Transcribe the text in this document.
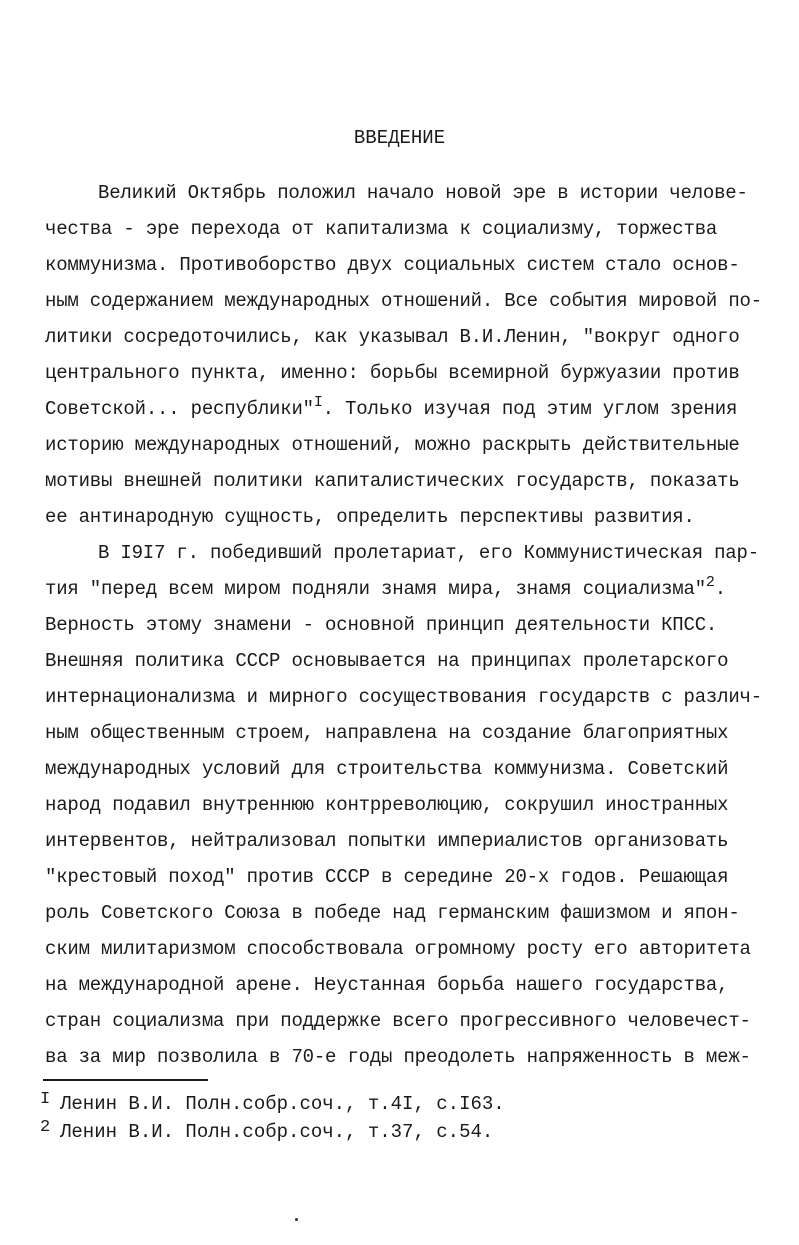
ВВЕДЕНИЕ
Великий Октябрь положил начало новой эре в истории челове-
чества - эре перехода от капитализма к социализму, торжества
коммунизма. Противоборство двух социальных систем стало основ-
ным содержанием международных отношений. Все события мировой по-
литики сосредоточились, как указывал В.И.Ленин, "вокруг одного
центрального пункта, именно: борьбы всемирной буржуазии против
Советской... республики"$^I$. Только изучая под этим углом зрения
историю международных отношений, можно раскрыть действительные
мотивы внешней политики капиталистических государств, показать
ее антинародную сущность, определить перспективы развития.
В I9I7 г. победивший пролетариат, его Коммунистическая пар-
тия "перед всем миром подняли знамя мира, знамя социализма"$^2$.
Верность этому знамени - основной принцип деятельности КПСС.
Внешняя политика СССР основывается на принципах пролетарского
интернационализма и мирного сосуществования государств с различ-
ным общественным строем, направлена на создание благоприятных
международных условий для строительства коммунизма. Советский
народ подавил внутреннюю контрреволюцию, сокрушил иностранных
интервентов, нейтрализовал попытки империалистов организовать
"крестовый поход" против СССР в середине 20-х годов. Решающая
роль Советского Союза в победе над германским фашизмом и япон-
ским милитаризмом способствовала огромному росту его авторитета
на международной арене. Неустанная борьба нашего государства,
стран социализма при поддержке всего прогрессивного человечест-
ва за мир позволила в 70-е годы преодолеть напряженность в меж-
I Ленин В.И. Полн.собр.соч., т.4I, с.I63.
2 Ленин В.И. Полн.собр.соч., т.37, с.54.
